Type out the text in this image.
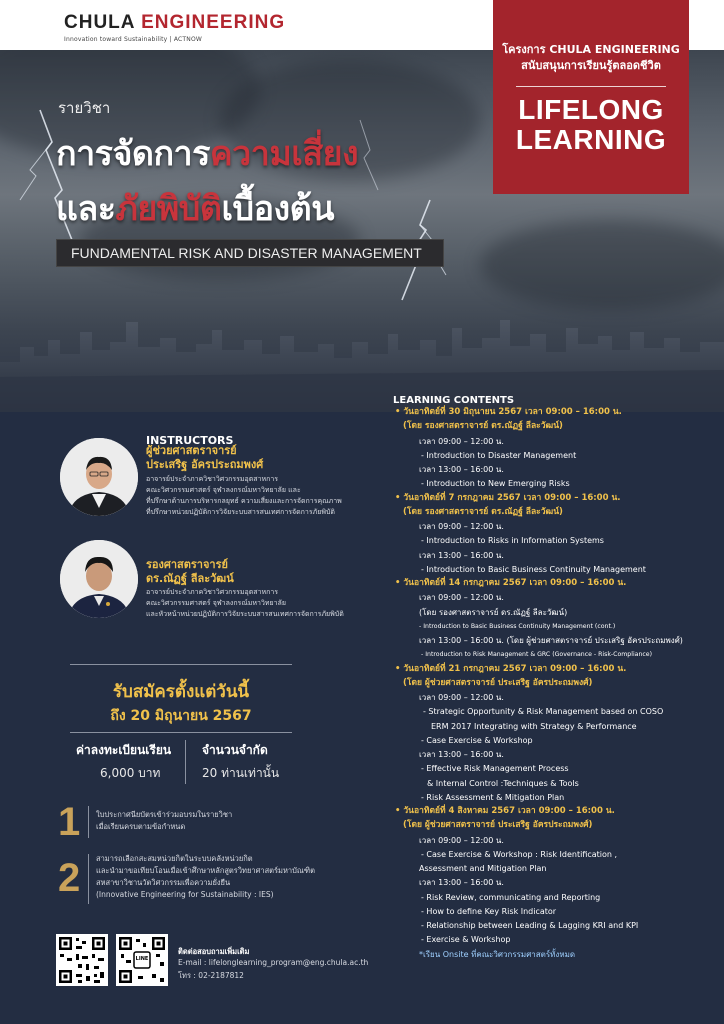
CHULA ENGINEERING
Innovation toward Sustainability | ACTNOW
โครงการ CHULA ENGINEERING
สนับสนุนการเรียนรู้ตลอดชีวิต
LIFELONG
LEARNING
รายวิชา
การจัดการความเสี่ยง
และภัยพิบัติเบื้องต้น
FUNDAMENTAL RISK AND DISASTER MANAGEMENT
INSTRUCTORS
ผู้ช่วยศาสตราจารย์
ประเสริฐ อัครประถมพงศ์
อาจารย์ประจำภาควิชาวิศวกรรมอุตสาหการ
คณะวิศวกรรมศาสตร์ จุฬาลงกรณ์มหาวิทยาลัย และ
ที่ปรึกษาด้านการบริหารกลยุทธ์ ความเสี่ยงและการจัดการคุณภาพ
ที่ปรึกษาหน่วยปฏิบัติการวิจัยระบบสารสนเทศการจัดการภัยพิบัติ
รองศาสตราจารย์
ดร.ณัฏฐ์ ลีละวัฒน์
อาจารย์ประจำภาควิชาวิศวกรรมอุตสาหการ
คณะวิศวกรรมศาสตร์ จุฬาลงกรณ์มหาวิทยาลัย
และหัวหน้าหน่วยปฏิบัติการวิจัยระบบสารสนเทศการจัดการภัยพิบัติ
รับสมัครตั้งแต่วันนี้
ถึง 20 มิถุนายน 2567
ค่าลงทะเบียนเรียน
6,000 บาท
จำนวนจำกัด
20 ท่านเท่านั้น
1 ใบประกาศนียบัตรเข้าร่วมอบรมในรายวิชา
เมื่อเรียนครบตามข้อกำหนด
2 สามารถเลือกสะสมหน่วยกิตในระบบคลังหน่วยกิต
และนำมาขอเทียบโอนเมื่อเข้าศึกษาหลักสูตรวิทยาศาสตร์มหาบัณฑิต
สหสาขาวิชานวัตวิศวกรรมเพื่อความยั่งยืน
(Innovative Engineering for Sustainability : IES)
LINE
ติดต่อสอบถามเพิ่มเติม
E-mail : lifelonglearning_program@eng.chula.ac.th
โทร : 02-2187812
LEARNING CONTENTS
• วันอาทิตย์ที่ 30 มิถุนายน 2567 เวลา 09:00 – 16:00 น.
(โดย รองศาสตราจารย์ ดร.ณัฏฐ์ ลีละวัฒน์)
เวลา 09:00 – 12:00 น.
- Introduction to Disaster Management
เวลา 13:00 – 16:00 น.
- Introduction to New Emerging Risks
• วันอาทิตย์ที่ 7 กรกฎาคม 2567 เวลา 09:00 – 16:00 น.
(โดย รองศาสตราจารย์ ดร.ณัฏฐ์ ลีละวัฒน์)
เวลา 09:00 – 12:00 น.
- Introduction to Risks in Information Systems
เวลา 13:00 – 16:00 น.
- Introduction to Basic Business Continuity Management
• วันอาทิตย์ที่ 14 กรกฎาคม 2567 เวลา 09:00 – 16:00 น.
เวลา 09:00 – 12:00 น.
(โดย รองศาสตราจารย์ ดร.ณัฏฐ์ ลีละวัฒน์)
- Introduction to Basic Business Continuity Management (cont.)
เวลา 13:00 – 16:00 น. (โดย ผู้ช่วยศาสตราจารย์ ประเสริฐ อัครประถมพงศ์)
- Introduction to Risk Management & GRC (Governance - Risk-Compliance)
• วันอาทิตย์ที่ 21 กรกฎาคม 2567 เวลา 09:00 – 16:00 น.
(โดย ผู้ช่วยศาสตราจารย์ ประเสริฐ อัครประถมพงศ์)
เวลา 09:00 – 12:00 น.
- Strategic Opportunity & Risk Management based on COSO
ERM 2017 Integrating with Strategy & Performance
- Case Exercise & Workshop
เวลา 13:00 – 16:00 น.
- Effective Risk Management Process
& Internal Control :Techniques & Tools
- Risk Assessment & Mitigation Plan
• วันอาทิตย์ที่ 4 สิงหาคม 2567 เวลา 09:00 – 16:00 น.
(โดย ผู้ช่วยศาสตราจารย์ ประเสริฐ อัครประถมพงศ์)
เวลา 09:00 – 12:00 น.
- Case Exercise & Workshop : Risk Identification ,
Assessment and Mitigation Plan
เวลา 13:00 – 16:00 น.
- Risk Review, communicating and Reporting
- How to define Key Risk Indicator
- Relationship between Leading & Lagging KRI and KPI
- Exercise & Workshop
*เรียน Onsite ที่คณะวิศวกรรมศาสตร์ทั้งหมด
